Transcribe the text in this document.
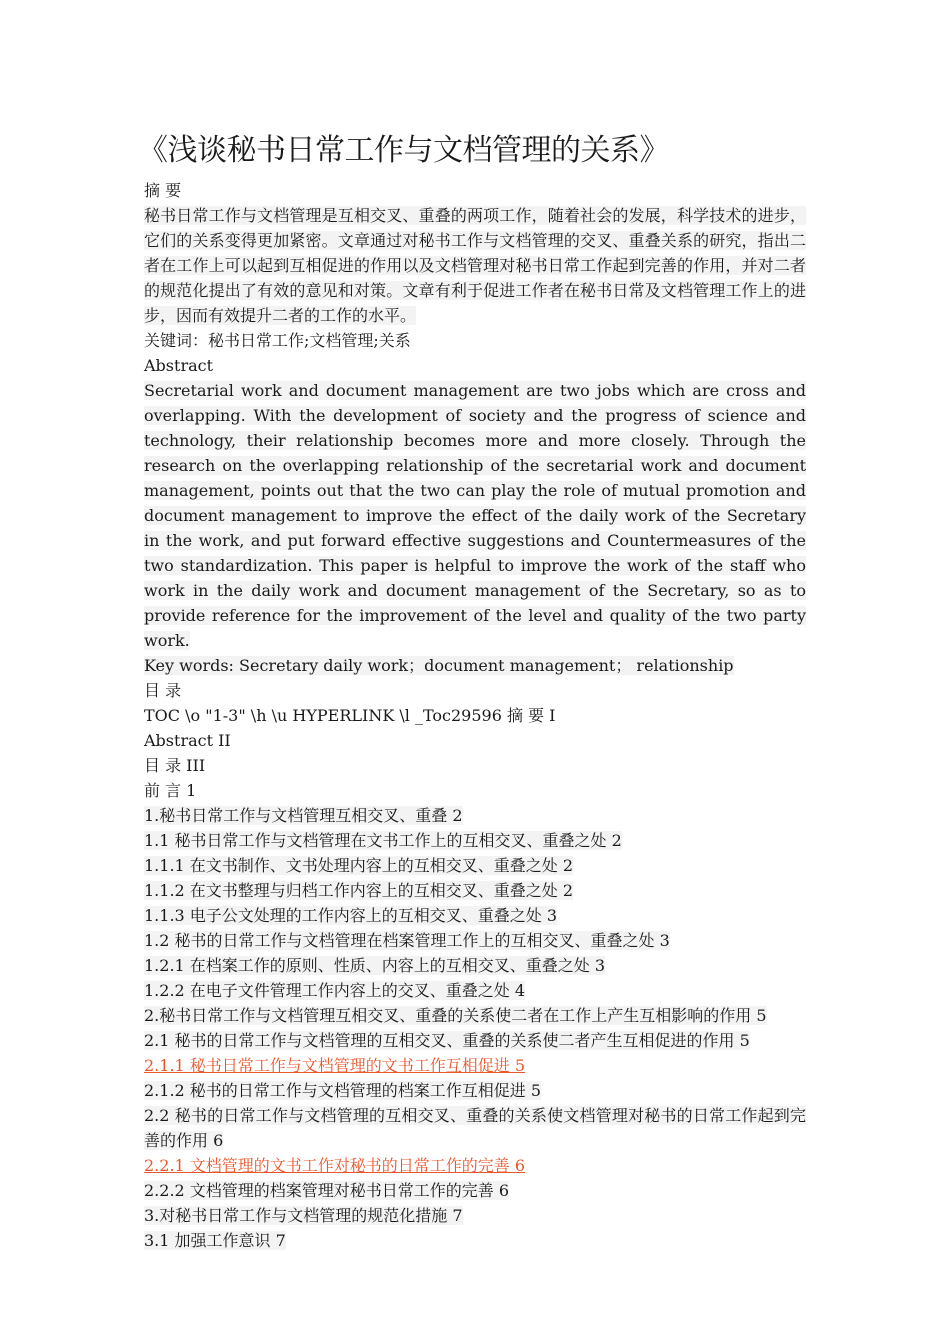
《浅谈秘书日常工作与文档管理的关系》
摘 要
秘书日常工作与文档管理是互相交叉、重叠的两项工作，随着社会的发展，科学技术的进步，它们的关系变得更加紧密。文章通过对秘书工作与文档管理的交叉、重叠关系的研究，指出二者在工作上可以起到互相促进的作用以及文档管理对秘书日常工作起到完善的作用，并对二者的规范化提出了有效的意见和对策。文章有利于促进工作者在秘书日常及文档管理工作上的进步，因而有效提升二者的工作的水平。
关键词：秘书日常工作;文档管理;关系
Abstract
Secretarial work and document management are two jobs which are cross and overlapping. With the development of society and the progress of science and technology, their relationship becomes more and more closely. Through the research on the overlapping relationship of the secretarial work and document management, points out that the two can play the role of mutual promotion and document management to improve the effect of the daily work of the Secretary in the work, and put forward effective suggestions and Countermeasures of the two standardization. This paper is helpful to improve the work of the staff who work in the daily work and document management of the Secretary, so as to provide reference for the improvement of the level and quality of the two party work.
Key words: Secretary daily work；document management； relationship
目 录
TOC \o "1-3" \h \u HYPERLINK \l _Toc29596 摘 要 I
Abstract II
目 录 III
前 言 1
1.秘书日常工作与文档管理互相交叉、重叠 2
1.1 秘书日常工作与文档管理在文书工作上的互相交叉、重叠之处 2
1.1.1 在文书制作、文书处理内容上的互相交叉、重叠之处 2
1.1.2 在文书整理与归档工作内容上的互相交叉、重叠之处 2
1.1.3 电子公文处理的工作内容上的互相交叉、重叠之处 3
1.2 秘书的日常工作与文档管理在档案管理工作上的互相交叉、重叠之处 3
1.2.1 在档案工作的原则、性质、内容上的互相交叉、重叠之处 3
1.2.2 在电子文件管理工作内容上的交叉、重叠之处 4
2.秘书日常工作与文档管理互相交叉、重叠的关系使二者在工作上产生互相影响的作用 5
2.1 秘书的日常工作与文档管理的互相交叉、重叠的关系使二者产生互相促进的作用 5
2.1.1 秘书日常工作与文档管理的文书工作互相促进 5
2.1.2 秘书的日常工作与文档管理的档案工作互相促进 5
2.2 秘书的日常工作与文档管理的互相交叉、重叠的关系使文档管理对秘书的日常工作起到完善的作用 6
2.2.1 文档管理的文书工作对秘书的日常工作的完善 6
2.2.2 文档管理的档案管理对秘书日常工作的完善 6
3.对秘书日常工作与文档管理的规范化措施 7
3.1 加强工作意识 7
